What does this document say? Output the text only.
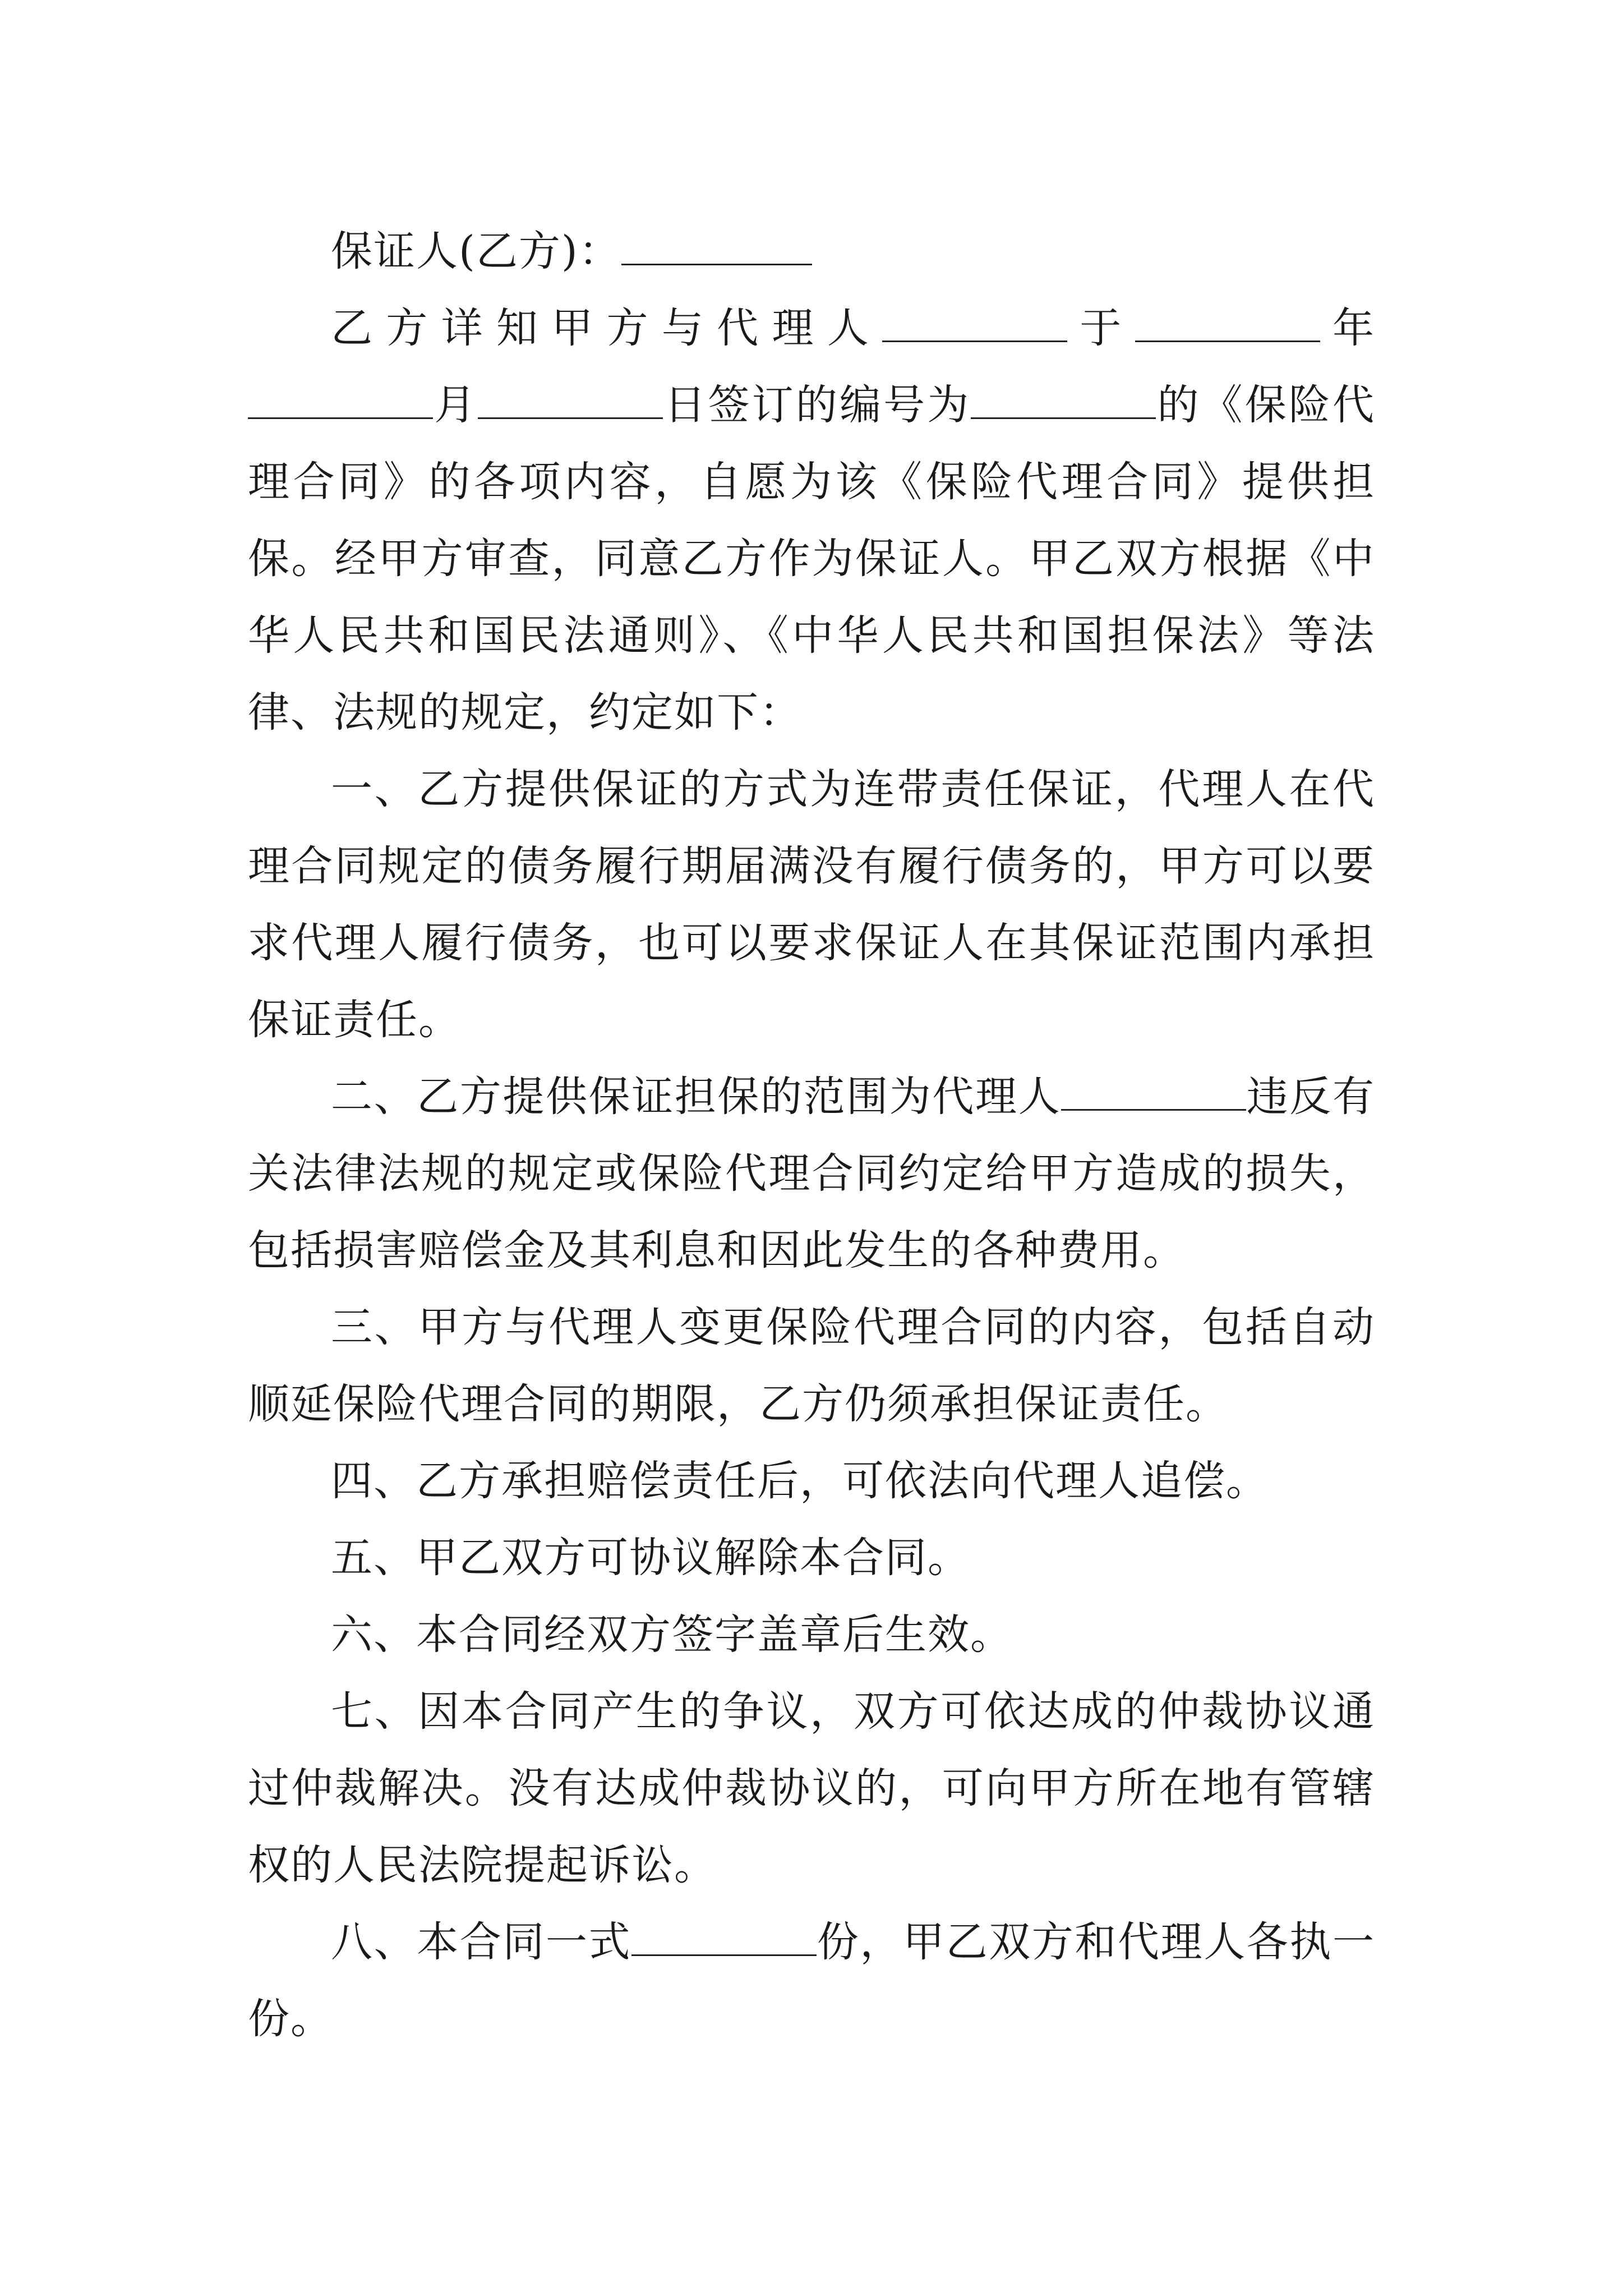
保证人(乙方)：

乙方详知甲方与代理人	于	年月	日签订的编号为	的《保险代理合同》的各项内容，自愿为该《保险代理合同》提供担保。经甲方审查，同意乙方作为保证人。甲乙双方根据《中华人民共和国民法通则》、《中华人民共和国担保法》等法律、法规的规定，约定如下：

一、乙方提供保证的方式为连带责任保证，代理人在代理合同规定的债务履行期届满没有履行债务的，甲方可以要求代理人履行债务，也可以要求保证人在其保证范围内承担保证责任。

二、乙方提供保证担保的范围为代理人	违反有关法律法规的规定或保险代理合同约定给甲方造成的损失，包括损害赔偿金及其利息和因此发生的各种费用。

三、甲方与代理人变更保险代理合同的内容，包括自动顺延保险代理合同的期限，乙方仍须承担保证责任。

四、乙方承担赔偿责任后，可依法向代理人追偿。

五、甲乙双方可协议解除本合同。

六、本合同经双方签字盖章后生效。

七、因本合同产生的争议，双方可依达成的仲裁协议通过仲裁解决。没有达成仲裁协议的，可向甲方所在地有管辖权的人民法院提起诉讼。

八、本合同一式	份，甲乙双方和代理人各执一份。
